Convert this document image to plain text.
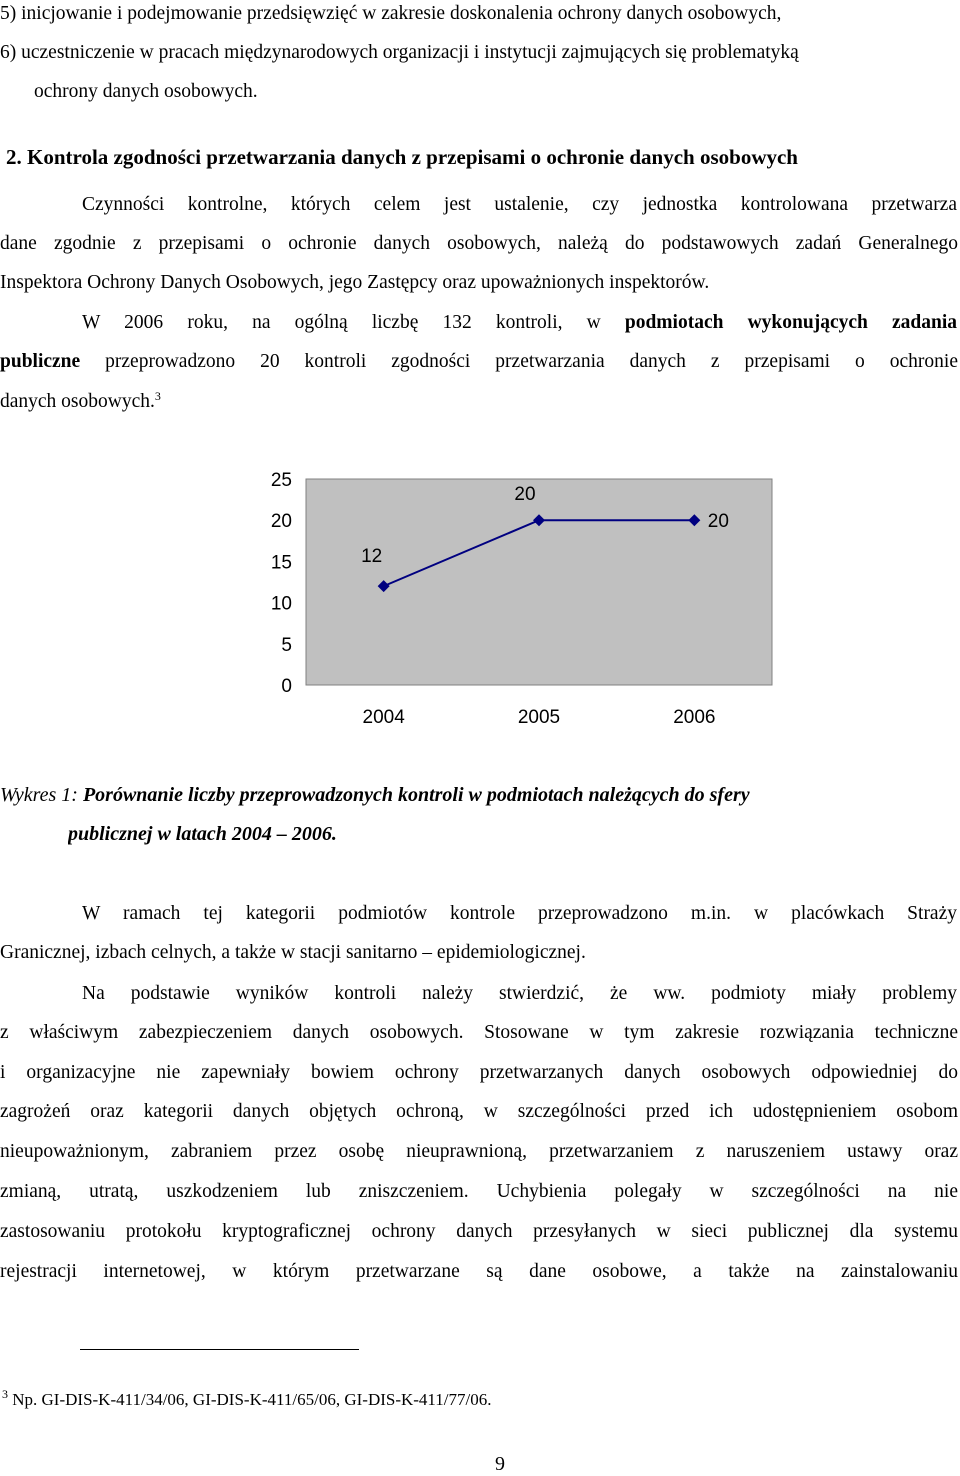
5) inicjowanie i podejmowanie przedsięwzięć w zakresie doskonalenia ochrony danych osobowych,

6) uczestniczenie w pracach międzynarodowych organizacji i instytucji zajmujących się problematyką

ochrony danych osobowych.

2. Kontrola zgodności przetwarzania danych z przepisami o ochronie danych osobowych

Czynności kontrolne, których celem jest ustalenie, czy jednostka kontrolowana przetwarza

dane zgodnie z przepisami o ochronie danych osobowych, należą do podstawowych zadań Generalnego

Inspektora Ochrony Danych Osobowych, jego Zastępcy oraz upoważnionych inspektorów.

W 2006 roku, na ogólną liczbę 132 kontroli, w podmiotach wykonujących zadania

publiczne przeprowadzono 20 kontroli zgodności przetwarzania danych z przepisami o ochronie

danych osobowych.$^3$

25
20
15
10
5
0
2004	2005	2006
12
20
20

Wykres 1: Porównanie liczby przeprowadzonych kontroli w podmiotach należących do sfery

publicznej w latach 2004 – 2006.

W ramach tej kategorii podmiotów kontrole przeprowadzono m.in. w placówkach Straży

Granicznej, izbach celnych, a także w stacji sanitarno – epidemiologicznej.

Na podstawie wyników kontroli należy stwierdzić, że ww. podmioty miały problemy

z właściwym zabezpieczeniem danych osobowych. Stosowane w tym zakresie rozwiązania techniczne

i organizacyjne nie zapewniały bowiem ochrony przetwarzanych danych osobowych odpowiedniej do

zagrożeń oraz kategorii danych objętych ochroną, w szczególności przed ich udostępnieniem osobom

nieupoważnionym, zabraniem przez osobę nieuprawnioną, przetwarzaniem z naruszeniem ustawy oraz

zmianą, utratą, uszkodzeniem lub zniszczeniem. Uchybienia polegały w szczególności na nie

zastosowaniu protokołu kryptograficznej ochrony danych przesyłanych w sieci publicznej dla systemu

rejestracji internetowej, w którym przetwarzane są dane osobowe, a także na zainstalowaniu

$^3$ Np. GI-DIS-K-411/34/06, GI-DIS-K-411/65/06, GI-DIS-K-411/77/06.

9
